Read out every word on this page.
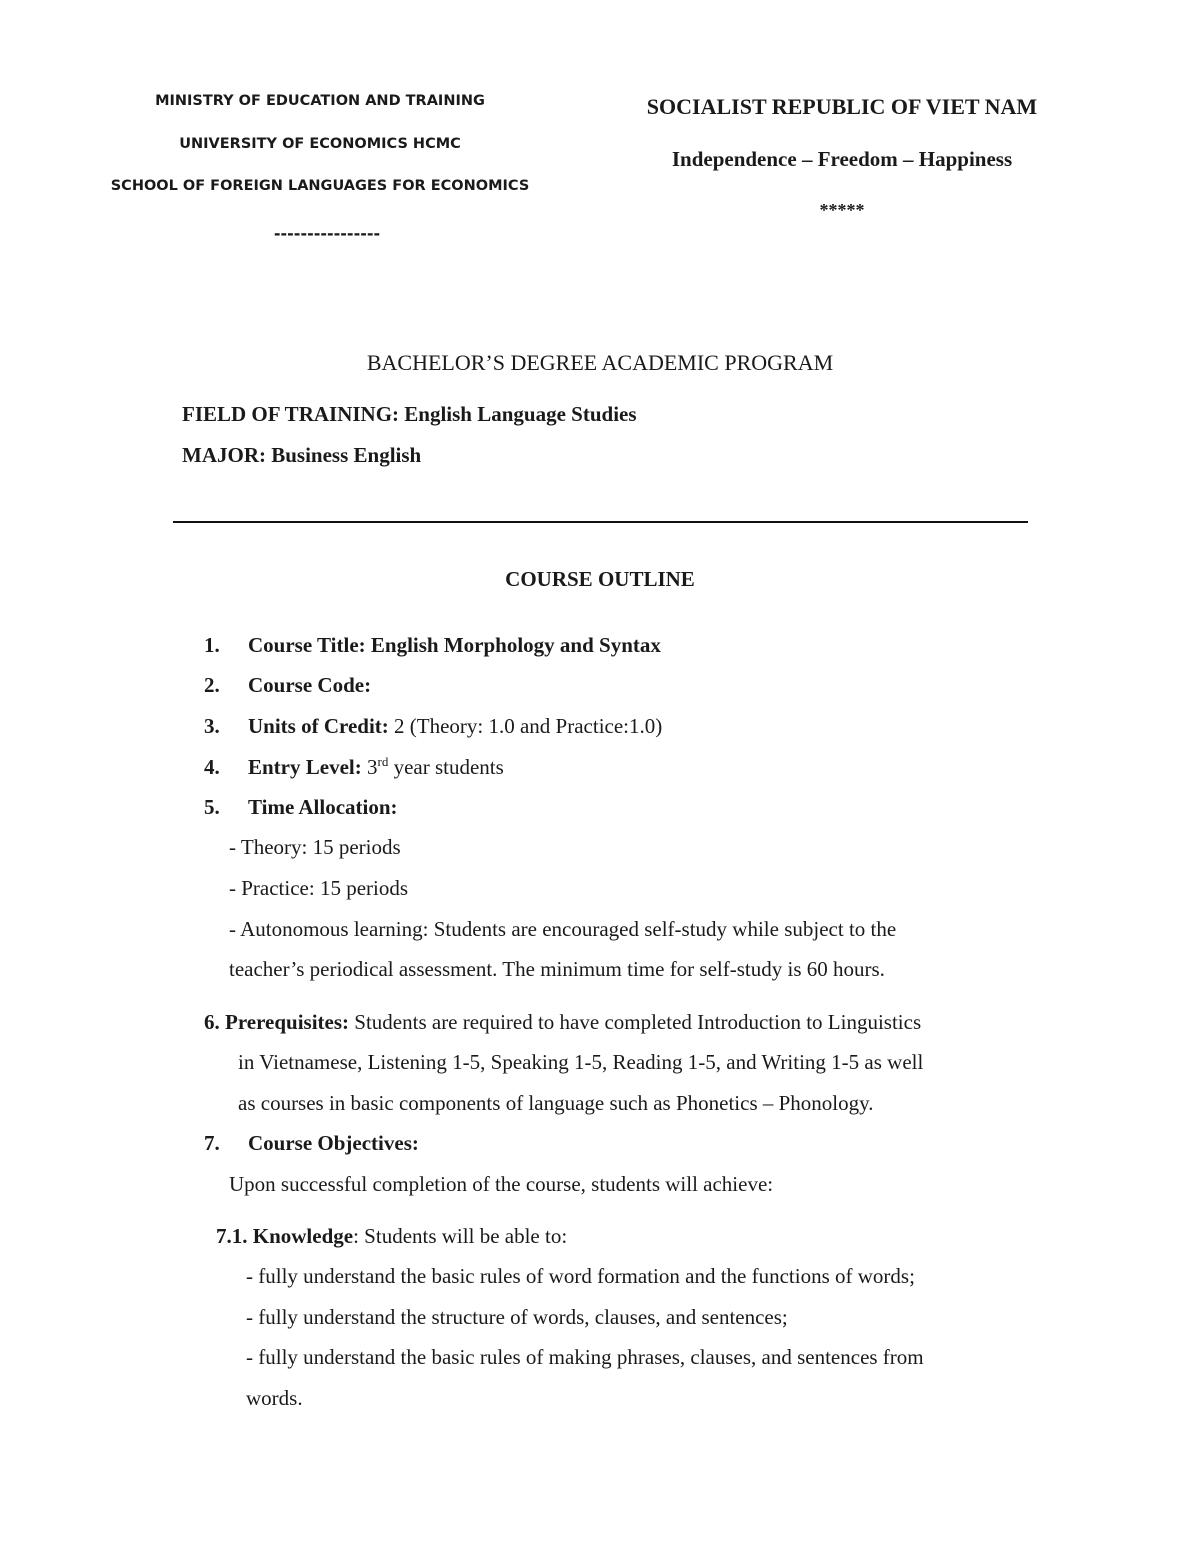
MINISTRY OF EDUCATION AND TRAINING
UNIVERSITY OF ECONOMICS HCMC
SCHOOL OF FOREIGN LANGUAGES FOR ECONOMICS
----------------
SOCIALIST REPUBLIC OF VIET NAM
Independence – Freedom – Happiness
*****
BACHELOR’S DEGREE ACADEMIC PROGRAM
FIELD OF TRAINING: English Language Studies
MAJOR: Business English
COURSE OUTLINE
1. Course Title: English Morphology and Syntax
2. Course Code:
3. Units of Credit: 2 (Theory: 1.0 and Practice:1.0)
4. Entry Level: 3rd year students
5. Time Allocation:
- Theory: 15 periods
- Practice: 15 periods
- Autonomous learning: Students are encouraged self-study while subject to the
teacher’s periodical assessment. The minimum time for self-study is 60 hours.
6. Prerequisites: Students are required to have completed Introduction to Linguistics
in Vietnamese, Listening 1-5, Speaking 1-5, Reading 1-5, and Writing 1-5 as well
as courses in basic components of language such as Phonetics – Phonology.
7. Course Objectives:
Upon successful completion of the course, students will achieve:
7.1. Knowledge: Students will be able to:
- fully understand the basic rules of word formation and the functions of words;
- fully understand the structure of words, clauses, and sentences;
- fully understand the basic rules of making phrases, clauses, and sentences from
words.
